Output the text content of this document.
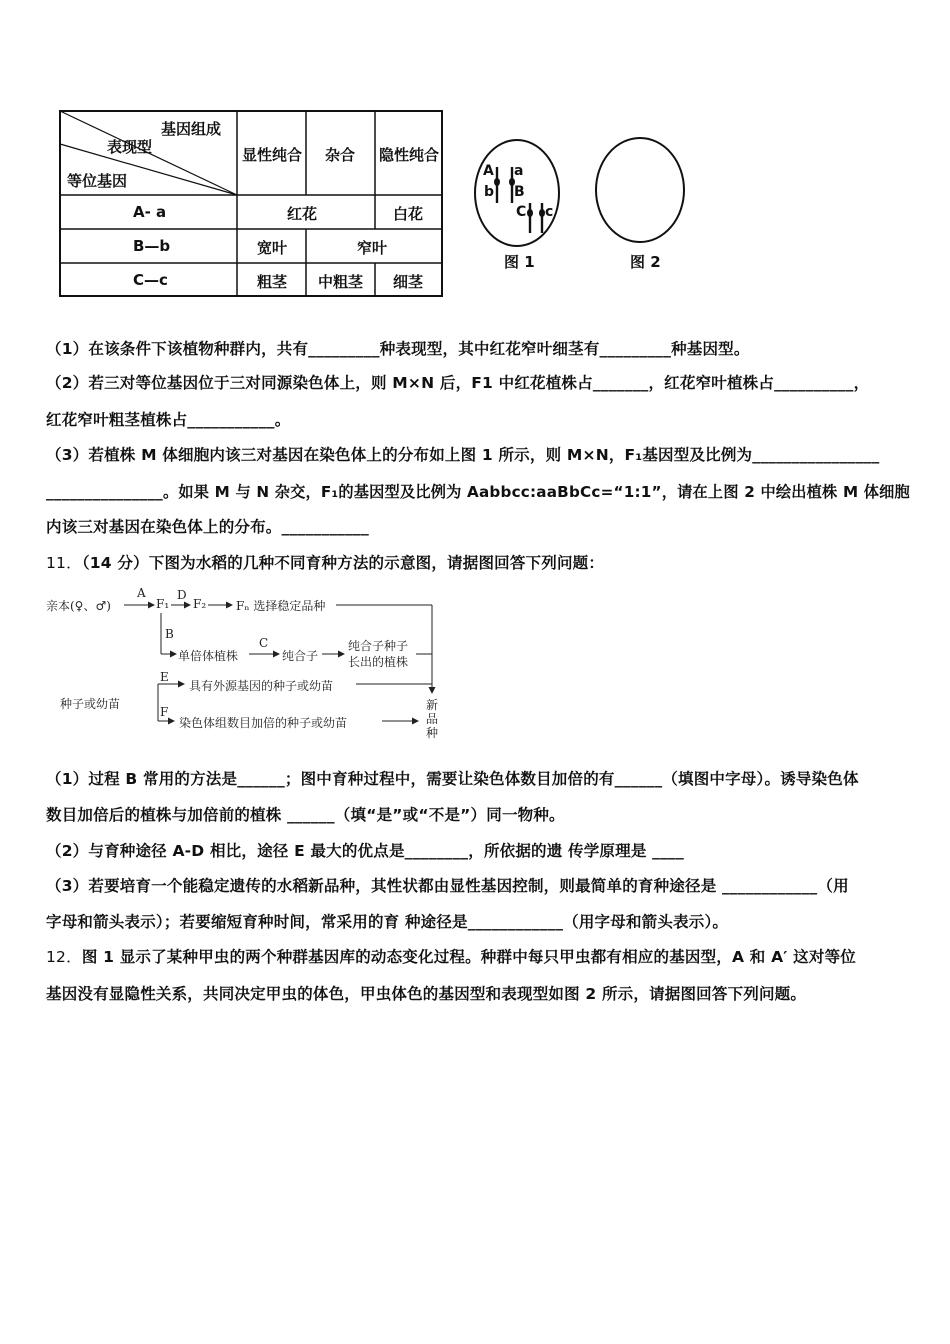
基因组成
表现型
等位基因
显性纯合 杂合 隐性纯合
A- a	红花	白花
B—b	宽叶	窄叶
C—c	粗茎 中粗茎 细茎
A a
b B
C c
图 1	图 2
（1）在该条件下该植物种群内，共有_________种表现型，其中红花窄叶细茎有_________种基因型。
（2）若三对等位基因位于三对同源染色体上，则 M×N 后，F1 中红花植株占_______，红花窄叶植株占__________，
红花窄叶粗茎植株占___________。
（3）若植株 M 体细胞内该三对基因在染色体上的分布如上图 1 所示，则 M×N，F₁基因型及比例为________________
_______________。如果 M 与 N 杂交，F₁的基因型及比例为 Aabbcc:aaBbCc=“1:1”，请在上图 2 中绘出植株 M 体细胞
内该三对基因在染色体上的分布。___________
11．（14 分）下图为水稻的几种不同育种方法的示意图，请据图回答下列问题：
亲本(♀、♂)
A
F₁
D
F₂ Fₙ 选择稳定品种
B
单倍体植株
C
纯合子
纯合子种子
长出的植株
种子或幼苗
E
具有外源基因的种子或幼苗
F
染色体组数目加倍的种子或幼苗
新
品
种
（1）过程 B 常用的方法是______；图中育种过程中，需要让染色体数目加倍的有______（填图中字母）。诱导染色体
数目加倍后的植株与加倍前的植株 ______（填“是”或“不是”）同一物种。
（2）与育种途径 A-D 相比，途径 E 最大的优点是________，所依据的遗 传学原理是 ____
（3）若要培育一个能稳定遗传的水稻新品种，其性状都由显性基因控制，则最简单的育种途径是 ____________（用
字母和箭头表示）；若要缩短育种时间，常采用的育 种途径是____________（用字母和箭头表示）。
12．图 1 显示了某种甲虫的两个种群基因库的动态变化过程。种群中每只甲虫都有相应的基因型，A 和 A′ 这对等位
基因没有显隐性关系，共同决定甲虫的体色，甲虫体色的基因型和表现型如图 2 所示，请据图回答下列问题。
